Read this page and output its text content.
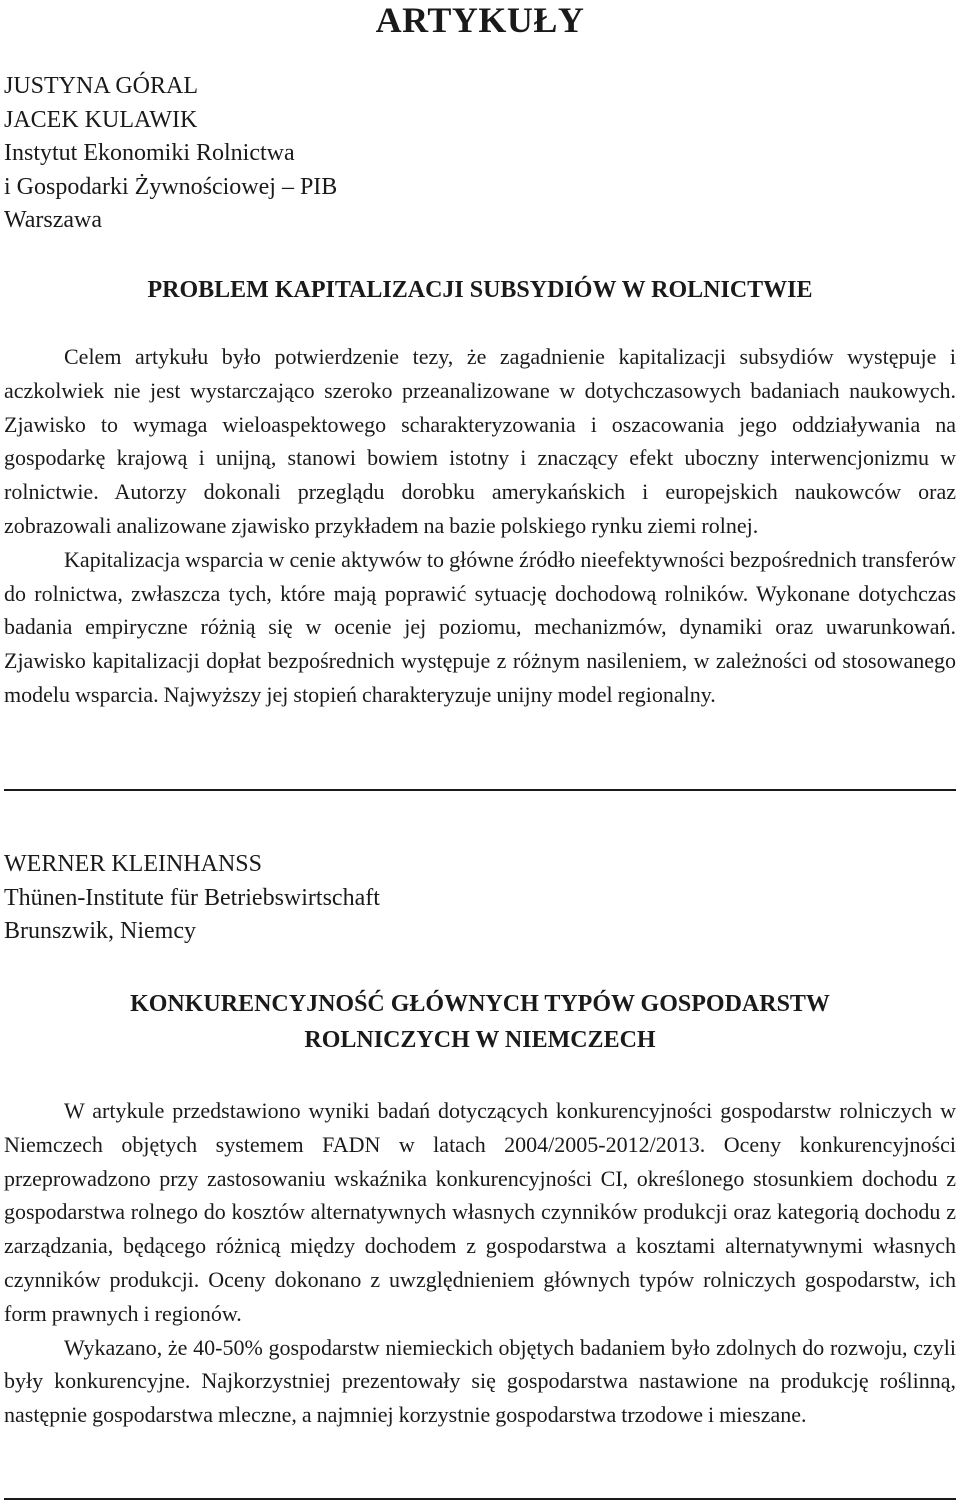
ARTYKUŁY
JUSTYNA GÓRAL
JACEK KULAWIK
Instytut Ekonomiki Rolnictwa
i Gospodarki Żywnościowej – PIB
Warszawa
PROBLEM KAPITALIZACJI SUBSYDIÓW W ROLNICTWIE

Celem artykułu było potwierdzenie tezy, że zagadnienie kapitalizacji subsydiów występuje i aczkolwiek nie jest wystarczająco szeroko przeanalizowane w dotychczasowych badaniach naukowych. Zjawisko to wymaga wieloaspektowego scharakteryzowania i oszacowania jego oddziaływania na gospodarkę krajową i unijną, stanowi bowiem istotny i znaczący efekt uboczny interwencjonizmu w rolnictwie. Autorzy dokonali przeglądu dorobku amerykańskich i europejskich naukowców oraz zobrazowali analizowane zjawisko przykładem na bazie polskiego rynku ziemi rolnej.

Kapitalizacja wsparcia w cenie aktywów to główne źródło nieefektywności bezpośrednich transferów do rolnictwa, zwłaszcza tych, które mają poprawić sytuację dochodową rolników. Wykonane dotychczas badania empiryczne różnią się w ocenie jej poziomu, mechanizmów, dynamiki oraz uwarunkowań. Zjawisko kapitalizacji dopłat bezpośrednich występuje z różnym nasileniem, w zależności od stosowanego modelu wsparcia. Najwyższy jej stopień charakteryzuje unijny model regionalny.

WERNER KLEINHANSS
Thünen-Institute für Betriebswirtschaft
Brunszwik, Niemcy
KONKURENCYJNOŚĆ GŁÓWNYCH TYPÓW GOSPODARSTW
ROLNICZYCH W NIEMCZECH

W artykule przedstawiono wyniki badań dotyczących konkurencyjności gospodarstw rolniczych w Niemczech objętych systemem FADN w latach 2004/2005-2012/2013. Oceny konkurencyjności przeprowadzono przy zastosowaniu wskaźnika konkurencyjności CI, określonego stosunkiem dochodu z gospodarstwa rolnego do kosztów alternatywnych własnych czynników produkcji oraz kategorią dochodu z zarządzania, będącego różnicą między dochodem z gospodarstwa a kosztami alternatywnymi własnych czynników produkcji. Oceny dokonano z uwzględnieniem głównych typów rolniczych gospodarstw, ich form prawnych i regionów.

Wykazano, że 40-50% gospodarstw niemieckich objętych badaniem było zdolnych do rozwoju, czyli były konkurencyjne. Najkorzystniej prezentowały się gospodarstwa nastawione na produkcję roślinną, następnie gospodarstwa mleczne, a najmniej korzystnie gospodarstwa trzodowe i mieszane.
